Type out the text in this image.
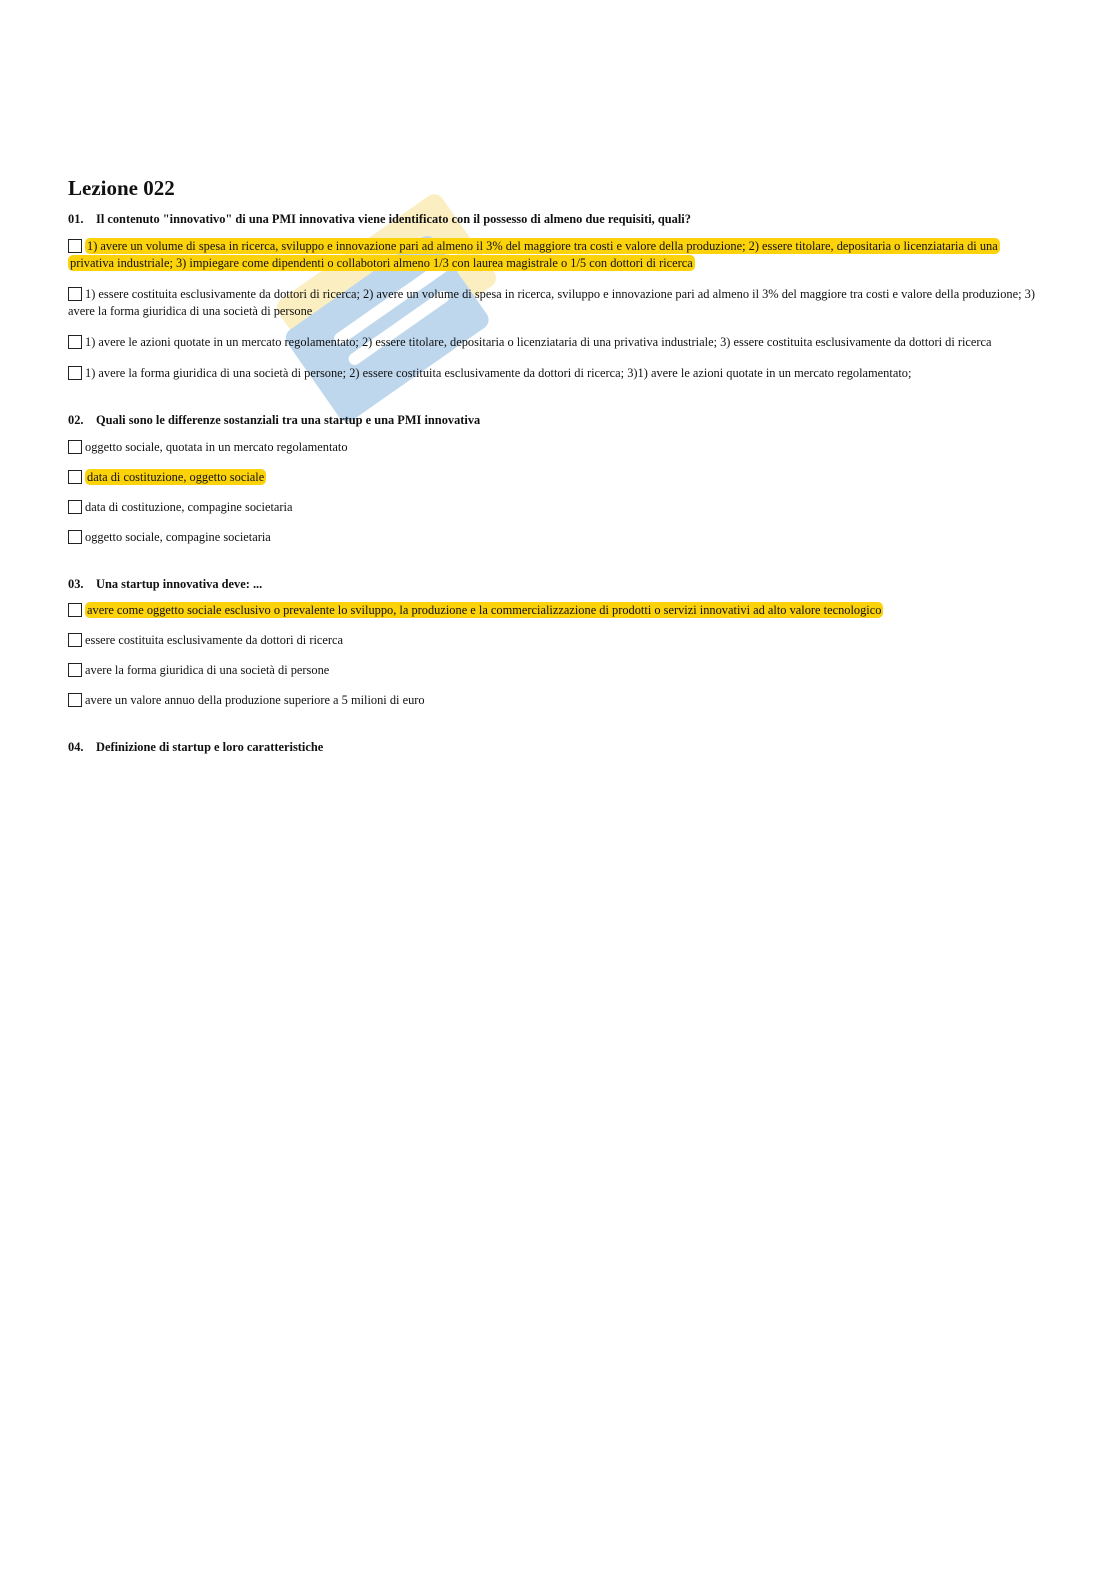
Lezione 022
01. Il contenuto "innovativo" di una PMI innovativa viene identificato con il possesso di almeno due requisiti, quali?
1) avere un volume di spesa in ricerca, sviluppo e innovazione pari ad almeno il 3% del maggiore tra costi e valore della produzione; 2) essere titolare, depositaria o licenziataria di una privativa industriale; 3) impiegare come dipendenti o collabotori almeno 1/3 con laurea magistrale o 1/5 con dottori di ricerca
1) essere costituita esclusivamente da dottori di ricerca; 2) avere un volume di spesa in ricerca, sviluppo e innovazione pari ad almeno il 3% del maggiore tra costi e valore della produzione; 3) avere la forma giuridica di una società di persone
1) avere le azioni quotate in un mercato regolamentato; 2) essere titolare, depositaria o licenziataria di una privativa industriale; 3) essere costituita esclusivamente da dottori di ricerca
1) avere la forma giuridica di una società di persone; 2) essere costituita esclusivamente da dottori di ricerca; 3)1) avere le azioni quotate in un mercato regolamentato;
02. Quali sono le differenze sostanziali tra una startup e una PMI innovativa
oggetto sociale, quotata in un mercato regolamentato
data di costituzione, oggetto sociale
data di costituzione, compagine societaria
oggetto sociale, compagine societaria
03. Una startup innovativa deve: ...
avere come oggetto sociale esclusivo o prevalente lo sviluppo, la produzione e la commercializzazione di prodotti o servizi innovativi ad alto valore tecnologico
essere costituita esclusivamente da dottori di ricerca
avere la forma giuridica di una società di persone
avere un valore annuo della produzione superiore a 5 milioni di euro
04. Definizione di startup e loro caratteristiche
